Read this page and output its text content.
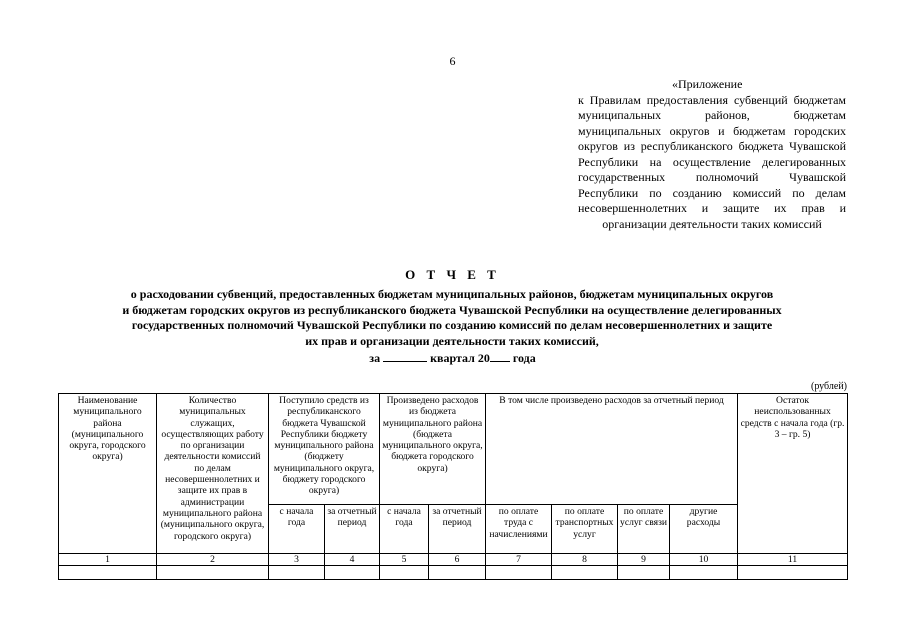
6
«Приложение
к Правилам предоставления субвенций бюджетам муниципальных районов, бюджетам муниципальных округов и бюджетам городских округов из республиканского бюджета Чувашской Республики на осуществление делегированных государственных полномочий Чувашской Республики по созданию комиссий по делам несовершеннолетних и защите их прав и организации деятельности таких комиссий
О Т Ч Е Т
о расходовании субвенций, предоставленных бюджетам муниципальных районов, бюджетам муниципальных округов
и бюджетам городских округов из республиканского бюджета Чувашской Республики на осуществление делегированных
государственных полномочий Чувашской Республики по созданию комиссий по делам несовершеннолетних и защите
их прав и организации деятельности таких комиссий,
за	квартал 20 года
(рублей)
Наименование муниципального района (муниципального округа, городского округа)	Количество муниципальных служащих, осуществляющих работу по организации деятельности комиссий по делам несовершеннолетних и защите их прав в администрации муниципального района (муниципального округа, городского округа)	Поступило средств из республиканского бюджета Чувашской Республики бюджету муниципального района (бюджету муниципального округа, бюджету городского округа)		Произведено расходов из бюджета муниципального района (бюджета муниципального округа, бюджета городского округа)		В том числе произведено расходов за отчетный период				Остаток неиспользованных средств с начала года (гр. 3 – гр. 5)
		с начала года	за отчетный период	с начала года	за отчетный период	по оплате труда с начислениями	по оплате транспортных услуг	по оплате услуг связи	другие расходы	
1	2	3	4	5	6	7	8	9	10	11
